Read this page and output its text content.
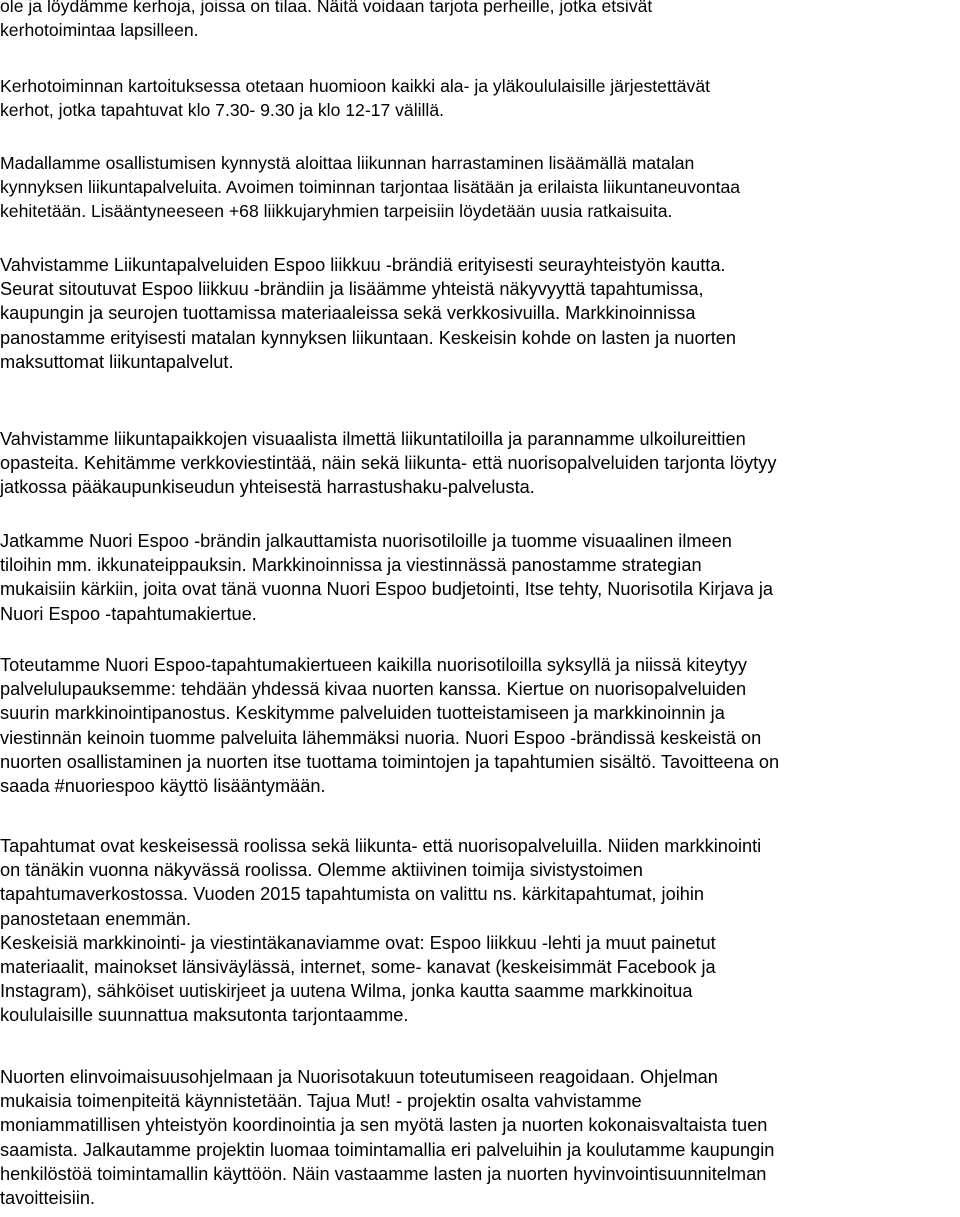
ole ja löydämme kerhoja, joissa on tilaa. Näitä voidaan tarjota perheille, jotka etsivät
kerhotoimintaa lapsilleen.

Kerhotoiminnan kartoituksessa otetaan huomioon kaikki ala- ja yläkoululaisille järjestettävät
kerhot, jotka tapahtuvat klo 7.30- 9.30 ja klo 12-17 välillä.

Madallamme osallistumisen kynnystä aloittaa liikunnan harrastaminen lisäämällä matalan
kynnyksen liikuntapalveluita. Avoimen toiminnan tarjontaa lisätään ja erilaista liikuntaneuvontaa
kehitetään. Lisääntyneeseen +68 liikkujaryhmien tarpeisiin löydetään uusia ratkaisuita.

Vahvistamme Liikuntapalveluiden Espoo liikkuu -brändiä erityisesti seurayhteistyön kautta.
Seurat sitoutuvat Espoo liikkuu -brändiin ja lisäämme yhteistä näkyvyyttä tapahtumissa,
kaupungin ja seurojen tuottamissa materiaaleissa sekä verkkosivuilla. Markkinoinnissa
panostamme erityisesti matalan kynnyksen liikuntaan. Keskeisin kohde on lasten ja nuorten
maksuttomat liikuntapalvelut.

Vahvistamme liikuntapaikkojen visuaalista ilmettä liikuntatiloilla ja parannamme ulkoilureittien
opasteita. Kehitämme verkkoviestintää, näin sekä liikunta- että nuorisopalveluiden tarjonta löytyy
jatkossa pääkaupunkiseudun yhteisestä harrastushaku-palvelusta.

Jatkamme Nuori Espoo -brändin jalkauttamista nuorisotiloille ja tuomme visuaalinen ilmeen
tiloihin mm. ikkunateippauksin. Markkinoinnissa ja viestinnässä panostamme strategian
mukaisiin kärkiin, joita ovat tänä vuonna Nuori Espoo budjetointi, Itse tehty, Nuorisotila Kirjava ja
Nuori Espoo -tapahtumakiertue.

Toteutamme Nuori Espoo-tapahtumakiertueen kaikilla nuorisotiloilla syksyllä ja niissä kiteytyy
palvelulupauksemme: tehdään yhdessä kivaa nuorten kanssa. Kiertue on nuorisopalveluiden
suurin markkinointipanostus. Keskitymme palveluiden tuotteistamiseen ja markkinoinnin ja
viestinnän keinoin tuomme palveluita lähemmäksi nuoria. Nuori Espoo -brändissä keskeistä on
nuorten osallistaminen ja nuorten itse tuottama toimintojen ja tapahtumien sisältö. Tavoitteena on
saada #nuoriespoo käyttö lisääntymään.

Tapahtumat ovat keskeisessä roolissa sekä liikunta- että nuorisopalveluilla. Niiden markkinointi
on tänäkin vuonna näkyvässä roolissa. Olemme aktiivinen toimija sivistystoimen
tapahtumaverkostossa. Vuoden 2015 tapahtumista on valittu ns. kärkitapahtumat, joihin
panostetaan enemmän.
Keskeisiä markkinointi- ja viestintäkanaviamme ovat: Espoo liikkuu -lehti ja muut painetut
materiaalit, mainokset länsiväylässä, internet, some- kanavat (keskeisimmät Facebook ja
Instagram), sähköiset uutiskirjeet ja uutena Wilma, jonka kautta saamme markkinoitua
koululaisille suunnattua maksutonta tarjontaamme.

Nuorten elinvoimaisuusohjelmaan ja Nuorisotakuun toteutumiseen reagoidaan. Ohjelman
mukaisia toimenpiteitä käynnistetään. Tajua Mut! - projektin osalta vahvistamme
moniammatillisen yhteistyön koordinointia ja sen myötä lasten ja nuorten kokonaisvaltaista tuen
saamista. Jalkautamme projektin luomaa toimintamallia eri palveluihin ja koulutamme kaupungin
henkilöstöä toimintamallin käyttöön. Näin vastaamme lasten ja nuorten hyvinvointisuunnitelman
tavoitteisiin.
